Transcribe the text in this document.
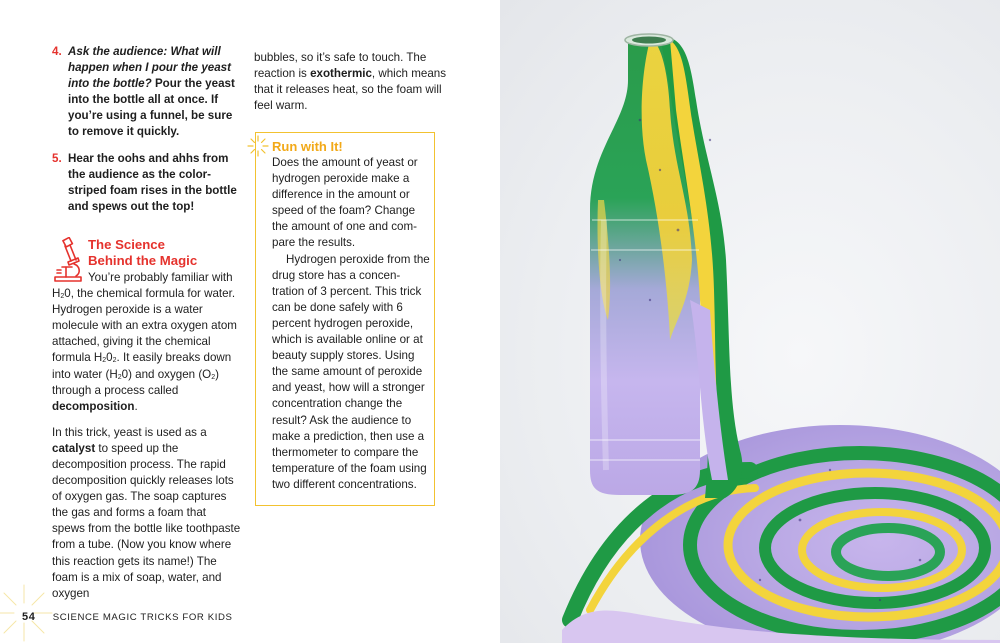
4. Ask the audience: What will happen when I pour the yeast into the bottle? Pour the yeast into the bottle all at once. If you’re using a funnel, be sure to remove it quickly.
5. Hear the oohs and ahhs from the audience as the color-striped foam rises in the bottle and spews out the top!
The Science
Behind the Magic

You’re probably familiar with $H_20$, the chemical formula for water. Hydrogen peroxide is a water molecule with an extra oxygen atom attached, giving it the chemical formula $H_20_2$. It easily breaks down into water $(H_20)$ and oxygen $(O_2)$ through a process called decomposition.

In this trick, yeast is used as a catalyst to speed up the decomposition process. The rapid decomposition quickly releases lots of oxygen gas. The soap captures the gas and forms a foam that spews from the bottle like toothpaste from a tube. (Now you know where this reaction gets its name!) The foam is a mix of soap, water, and oxygen

bubbles, so it’s safe to touch. The reaction is exothermic, which means that it releases heat, so the foam will feel warm.

Run with It!

Does the amount of yeast or hydrogen peroxide make a difference in the amount or speed of the foam? Change the amount of one and com-pare the results.

Hydrogen peroxide from the drug store has a concen-tration of 3 percent. This trick can be done safely with 6 percent hydrogen peroxide, which is available online or at beauty supply stores. Using the same amount of peroxide and yeast, how will a stronger concentration change the result? Ask the audience to make a prediction, then use a thermometer to compare the temperature of the foam using two different concentrations.

54 SCIENCE MAGIC TRICKS FOR KIDS
